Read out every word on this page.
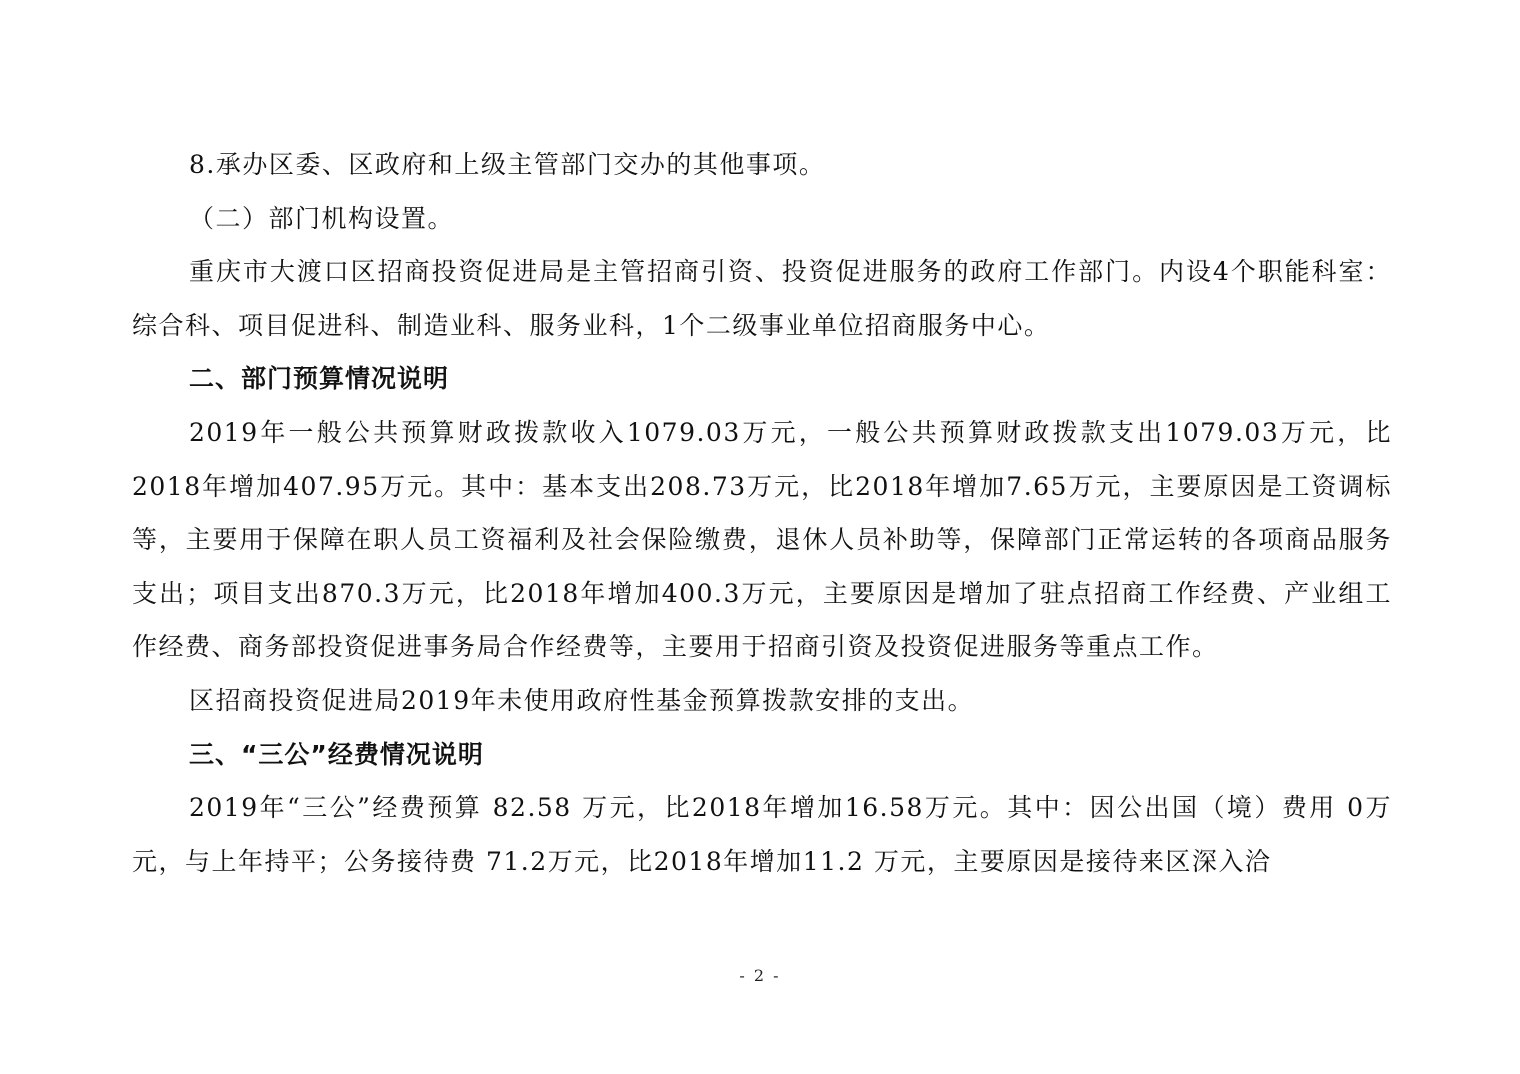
8.承办区委、区政府和上级主管部门交办的其他事项。

（二）部门机构设置。

重庆市大渡口区招商投资促进局是主管招商引资、投资促进服务的政府工作部门。内设4个职能科室：综合科、项目促进科、制造业科、服务业科，1个二级事业单位招商服务中心。

二、部门预算情况说明

2019年一般公共预算财政拨款收入1079.03万元，一般公共预算财政拨款支出1079.03万元，比2018年增加407.95万元。其中：基本支出208.73万元，比2018年增加7.65万元，主要原因是工资调标等，主要用于保障在职人员工资福利及社会保险缴费，退休人员补助等，保障部门正常运转的各项商品服务支出；项目支出870.3万元，比2018年增加400.3万元，主要原因是增加了驻点招商工作经费、产业组工作经费、商务部投资促进事务局合作经费等，主要用于招商引资及投资促进服务等重点工作。

区招商投资促进局2019年未使用政府性基金预算拨款安排的支出。

三、“三公”经费情况说明

2019年“三公”经费预算 82.58 万元，比2018年增加16.58万元。其中：因公出国（境）费用 0万元，与上年持平；公务接待费 71.2万元，比2018年增加11.2 万元，主要原因是接待来区深入洽

- 2 -
